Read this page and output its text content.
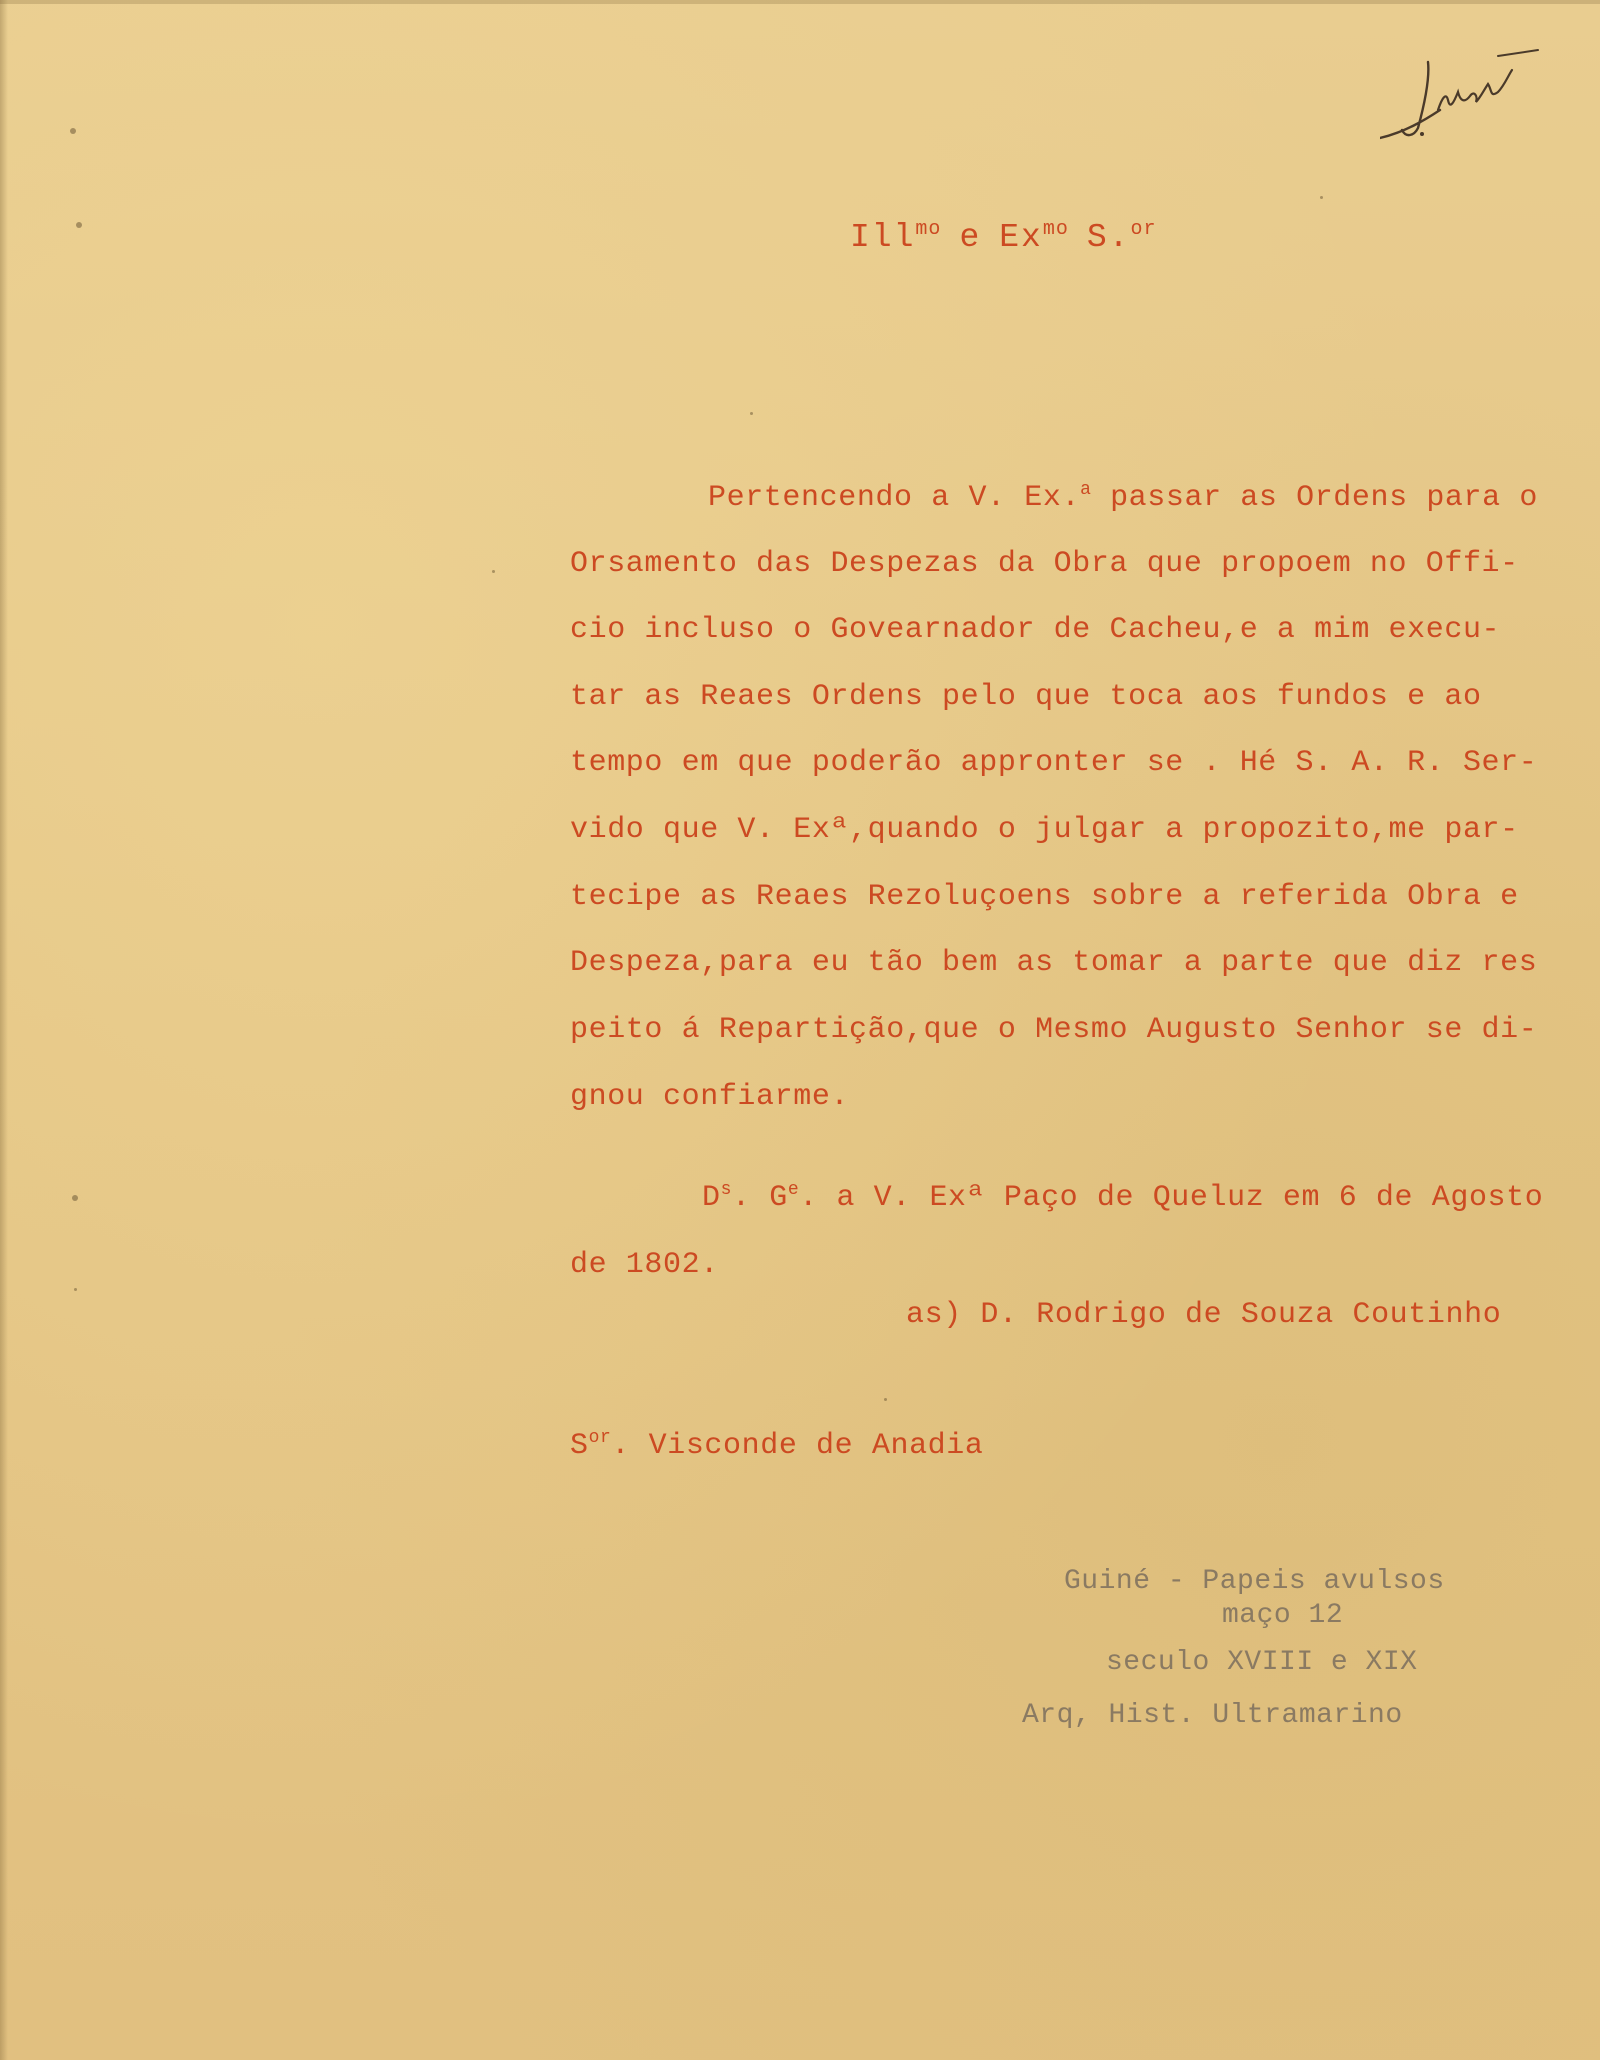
Ill$^{mo}$ e $Ex^{mo}$ S.$^{or}$
Pertencendo a V. Ex.$^a$ passar as Ordens para o
Orsamento das Despezas da Obra que propoem no Offi-
cio incluso o Govearnador de Cacheu,e a mim execu-
tar as Reaes Ordens pelo que toca aos fundos e ao
tempo em que poderão appronter se . Hé S. A. R. Ser-
vido que V. Exª,quando o julgar a propozito,me par-
tecipe as Reaes Rezoluçoens sobre a referida Obra e
Despeza,para eu tão bem as tomar a parte que diz res
peito á Repartição,que o Mesmo Augusto Senhor se di-
gnou confiarme.
$D^s$. $G^e$. a V. Exª Paço de Queluz em 6 de Agosto
de 1802.
as) D. Rodrigo de Souza Coutinho
$S^{or}$. Visconde de Anadia
Guiné - Papeis avulsos
maço 12
seculo XVIII e XIX
Arq, Hist. Ultramarino
